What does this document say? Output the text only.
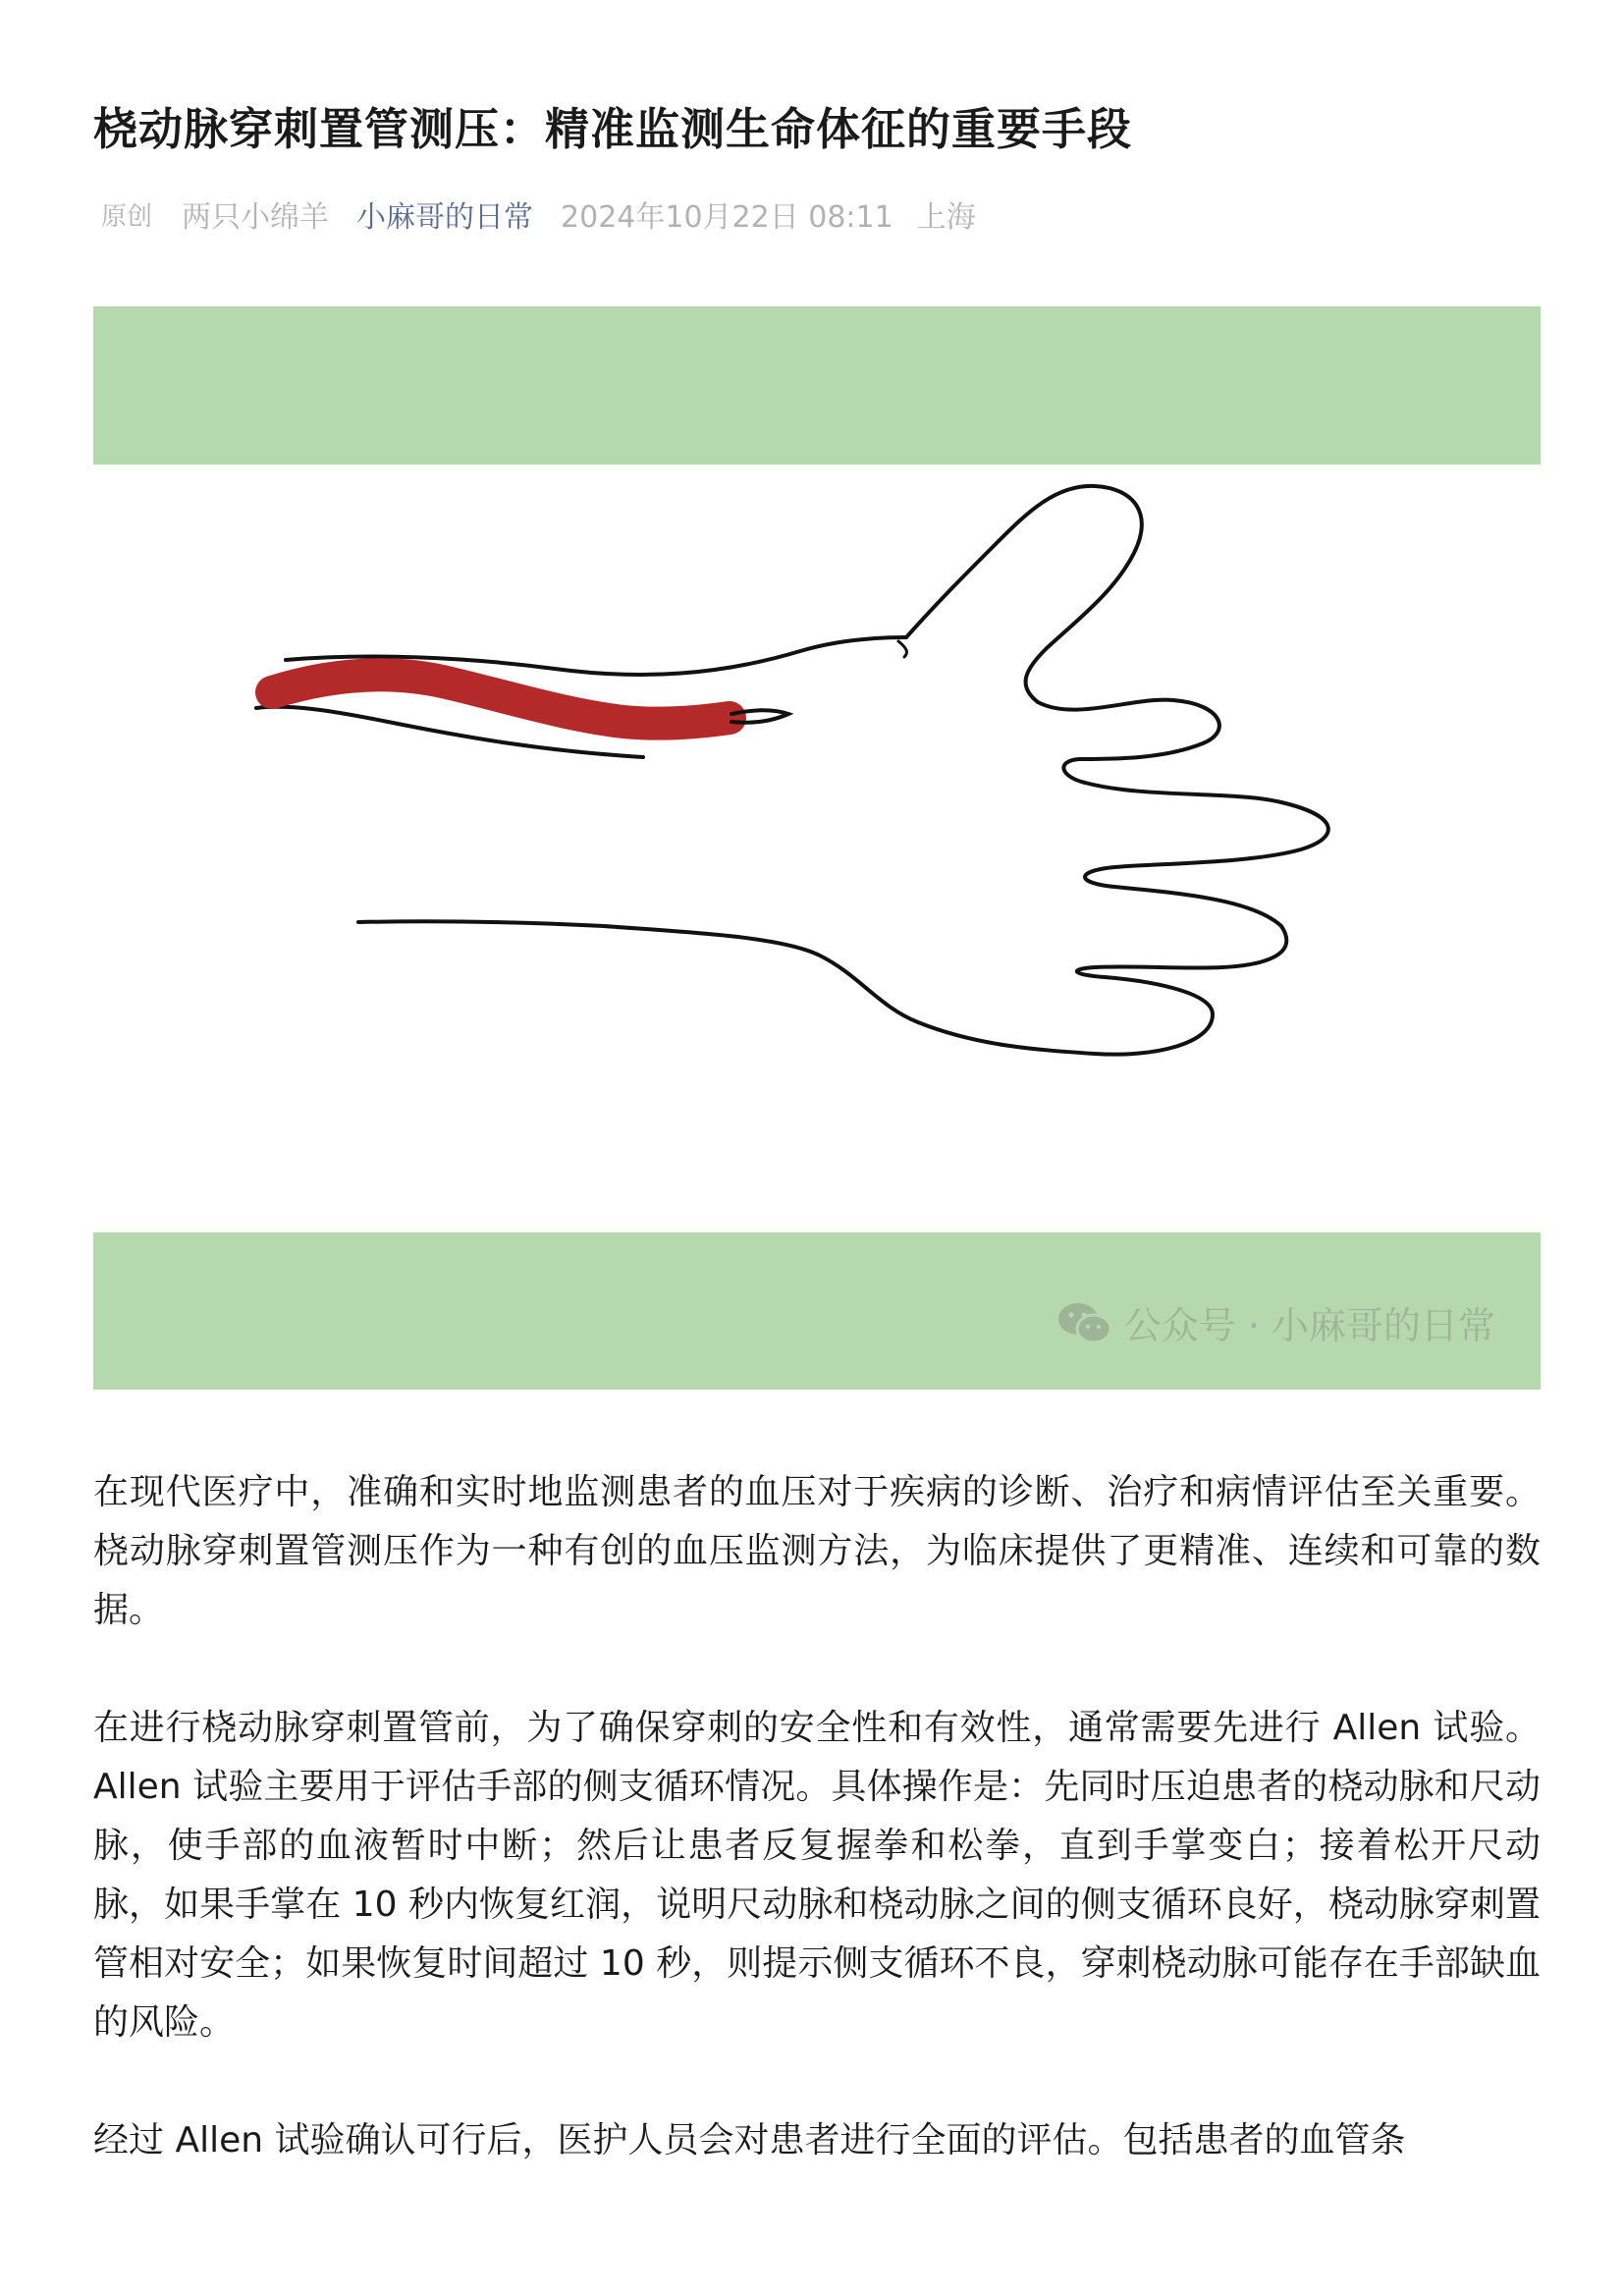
桡动脉穿刺置管测压：精准监测生命体征的重要手段
原创 两只小绵羊 小麻哥的日常 2024年10月22日 08:11 上海
公众号 · 小麻哥的日常

在现代医疗中，准确和实时地监测患者的血压对于疾病的诊断、治疗和病情评估至关重要。桡动脉穿刺置管测压作为一种有创的血压监测方法，为临床提供了更精准、连续和可靠的数据。

在进行桡动脉穿刺置管前，为了确保穿刺的安全性和有效性，通常需要先进行 Allen 试验。Allen 试验主要用于评估手部的侧支循环情况。具体操作是：先同时压迫患者的桡动脉和尺动脉，使手部的血液暂时中断；然后让患者反复握拳和松拳，直到手掌变白；接着松开尺动脉，如果手掌在 10 秒内恢复红润，说明尺动脉和桡动脉之间的侧支循环良好，桡动脉穿刺置管相对安全；如果恢复时间超过 10 秒，则提示侧支循环不良，穿刺桡动脉可能存在手部缺血的风险。

经过 Allen 试验确认可行后，医护人员会对患者进行全面的评估。包括患者的血管条
